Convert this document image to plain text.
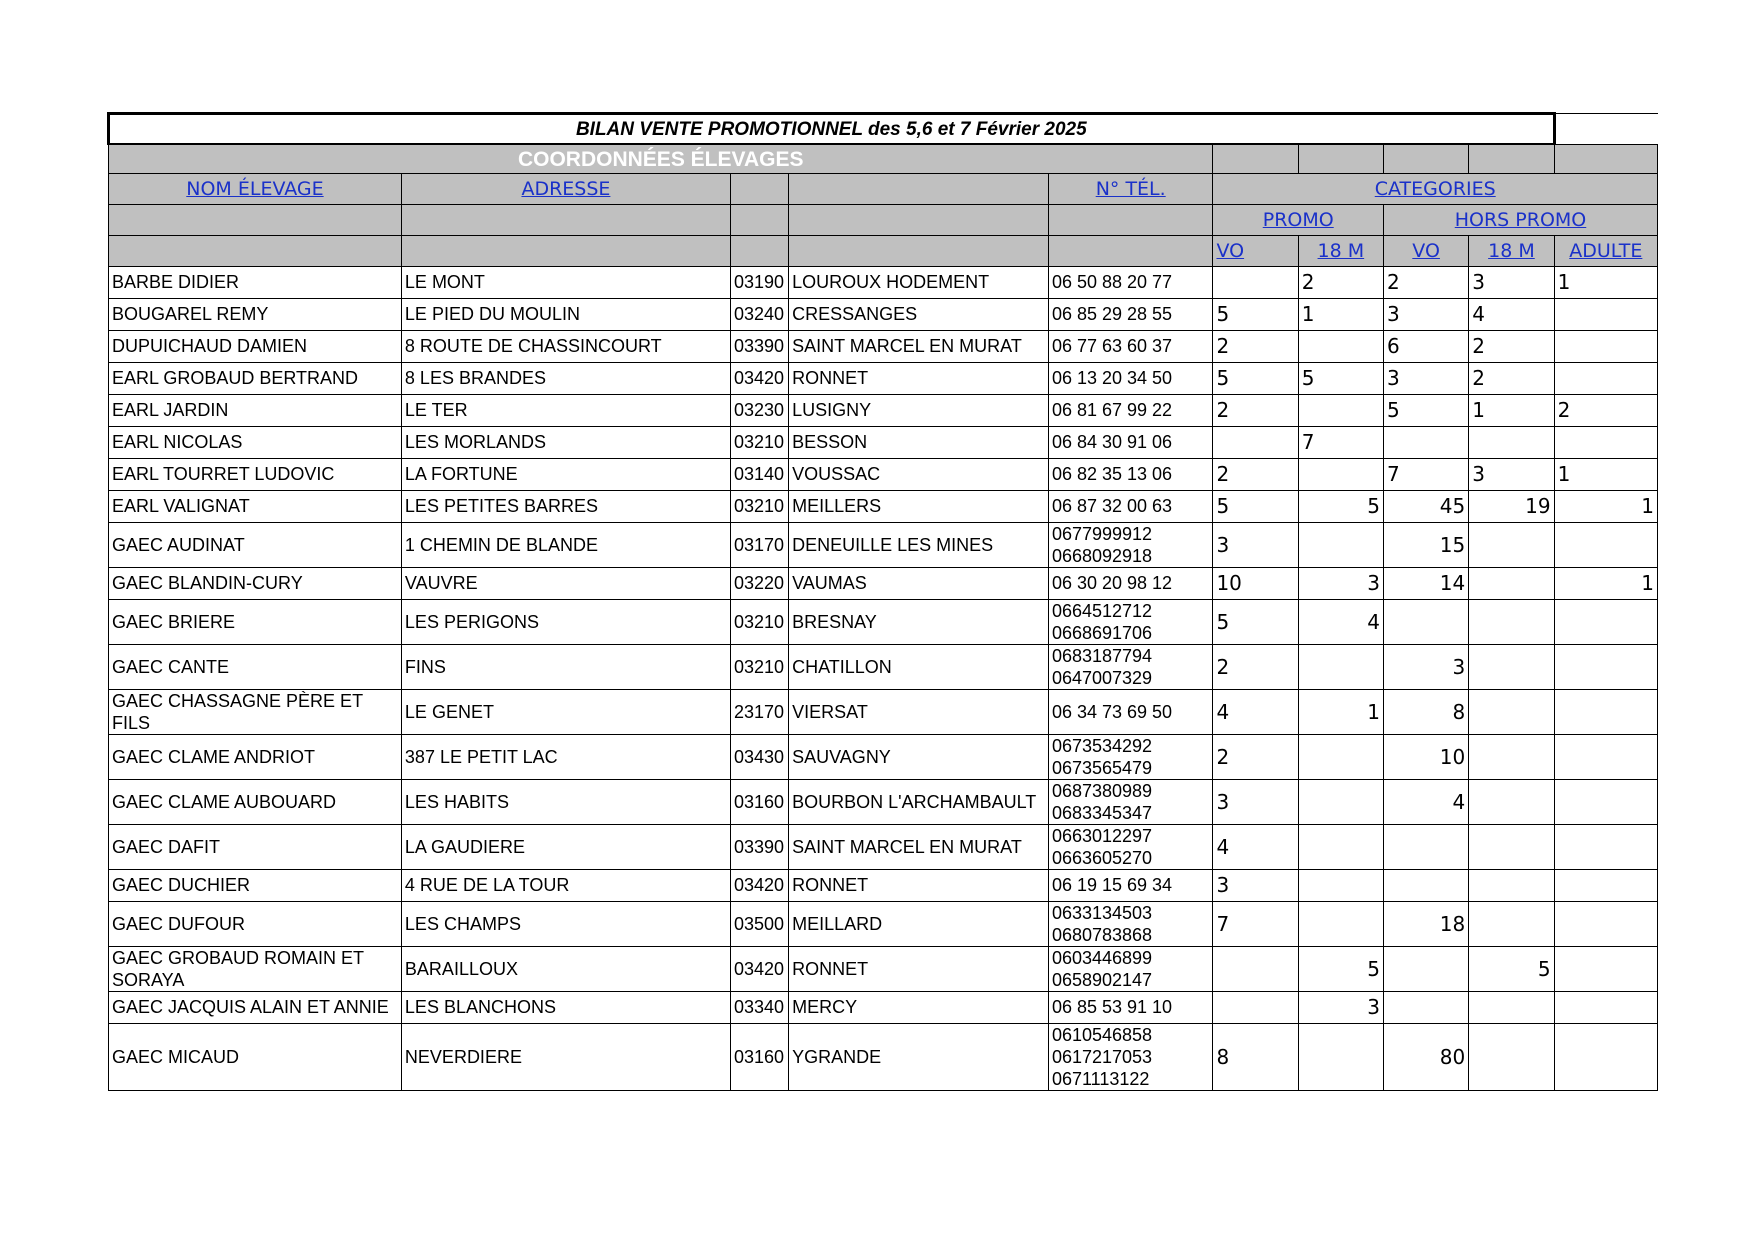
BILAN VENTE PROMOTIONNEL des 5,6 et 7 Février 2025									
COORDONNÉES ÉLEVAGES									
NOM ÉLEVAGE	ADRESSE			N° TÉL.	CATEGORIES				
					PROMO		HORS PROMO		
					VO	18 M	VO	18 M	ADULTE

BARBE DIDIER	LE MONT	03190	LOUROUX HODEMENT	06 50 88 20 77		2	2	3	1

BOUGAREL REMY	LE PIED DU MOULIN	03240	CRESSANGES	06 85 29 28 55	5	1	3	4	

DUPUICHAUD DAMIEN	8 ROUTE DE CHASSINCOURT	03390	SAINT MARCEL EN MURAT	06 77 63 60 37	2		6	2	

EARL GROBAUD BERTRAND	8 LES BRANDES	03420	RONNET	06 13 20 34 50	5	5	3	2	

EARL JARDIN	LE TER	03230	LUSIGNY	06 81 67 99 22	2		5	1	2

EARL NICOLAS	LES MORLANDS	03210	BESSON	06 84 30 91 06		7			

EARL TOURRET LUDOVIC	LA FORTUNE	03140	VOUSSAC	06 82 35 13 06	2		7	3	1

EARL VALIGNAT	LES PETITES BARRES	03210	MEILLERS	06 87 32 00 63	5	5	45	19	1

GAEC AUDINAT	1 CHEMIN DE BLANDE	03170	DENEUILLE LES MINES	0677999912
0668092918	3		15		

GAEC BLANDIN-CURY	VAUVRE	03220	VAUMAS	06 30 20 98 12	10	3	14		1

GAEC BRIERE	LES PERIGONS	03210	BRESNAY	0664512712
0668691706	5	4			

GAEC CANTE	FINS	03210	CHATILLON	0683187794
0647007329	2		3		

GAEC CHASSAGNE PÈRE ET
FILS	LE GENET	23170	VIERSAT	06 34 73 69 50	4	1	8		

GAEC CLAME ANDRIOT	387 LE PETIT LAC	03430	SAUVAGNY	0673534292
0673565479	2		10		

GAEC CLAME AUBOUARD	LES HABITS	03160	BOURBON L'ARCHAMBAULT	0687380989
0683345347	3		4		

GAEC DAFIT	LA GAUDIERE	03390	SAINT MARCEL EN MURAT	0663012297
0663605270	4				

GAEC DUCHIER	4 RUE DE LA TOUR	03420	RONNET	06 19 15 69 34	3				

GAEC DUFOUR	LES CHAMPS	03500	MEILLARD	0633134503
0680783868	7		18		

GAEC GROBAUD ROMAIN ET
SORAYA	BARAILLOUX	03420	RONNET	0603446899
0658902147		5		5	

GAEC JACQUIS ALAIN ET ANNIE	LES BLANCHONS	03340	MERCY	06 85 53 91 10		3			

GAEC MICAUD	NEVERDIERE	03160	YGRANDE	0610546858
0617217053
0671113122	8		80		
